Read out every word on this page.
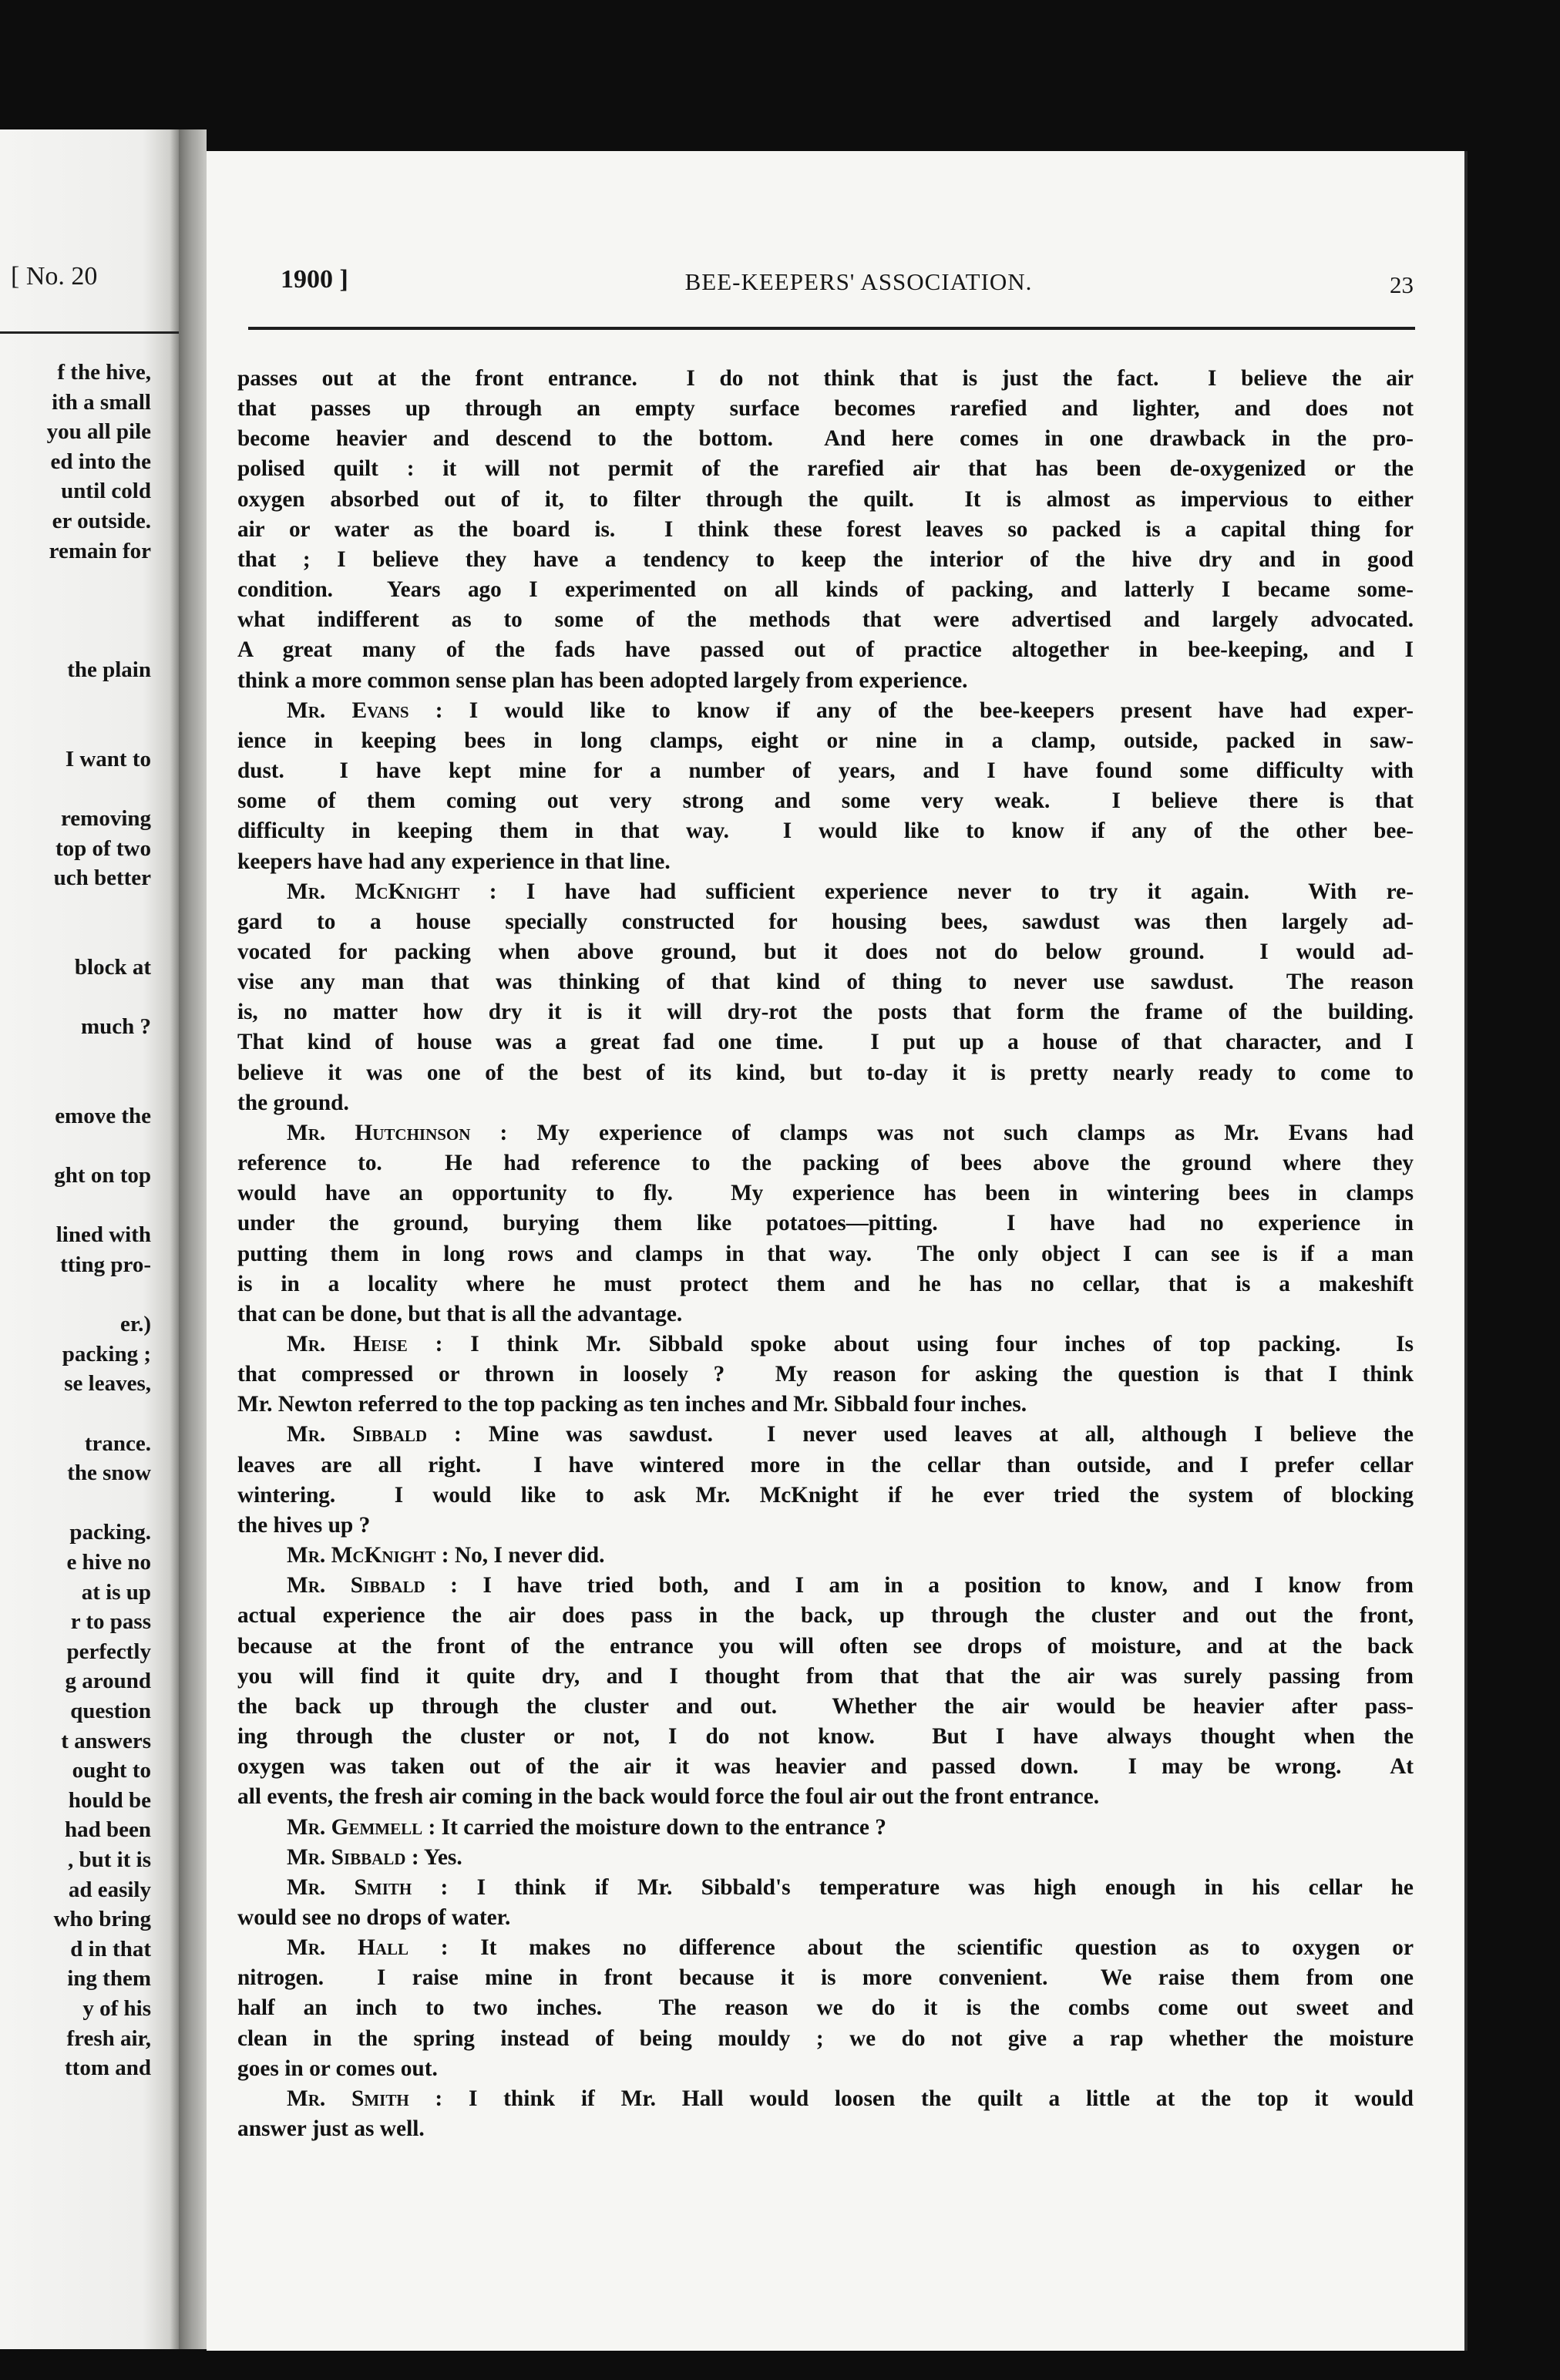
[ No. 20
f the hive,
ith a small
you all pile
ed into the
until cold
er outside.
remain for
the plain
I want to
removing
top of two
uch better
block at
much ?
emove the
ght on top
lined with
tting pro-
er.)
packing ;
se leaves,
trance.
the snow
packing.
e hive no
at is up
r to pass
perfectly
g around
question
t answers
ought to
hould be
had been
, but it is
ad easily
who bring
d in that
ing them
y of his
fresh air,
ttom and
1900 ]	BEE-KEEPERS' ASSOCIATION.	23
passes out at the front entrance.  I do not think that is just the fact.  I believe the air
that passes up through an empty surface becomes rarefied and lighter, and does not
become heavier and descend to the bottom.  And here comes in one drawback in the pro-
polised quilt : it will not permit of the rarefied air that has been de-oxygenized or the
oxygen absorbed out of it, to filter through the quilt.  It is almost as impervious to either
air or water as the board is.  I think these forest leaves so packed is a capital thing for
that ; I believe they have a tendency to keep the interior of the hive dry and in good
condition.  Years ago I experimented on all kinds of packing, and latterly I became some-
what indifferent as to some of the methods that were advertised and largely advocated.
A great many of the fads have passed out of practice altogether in bee-keeping, and I
think a more common sense plan has been adopted largely from experience.
Mr. Evans : I would like to know if any of the bee-keepers present have had exper-
ience in keeping bees in long clamps, eight or nine in a clamp, outside, packed in saw-
dust.  I have kept mine for a number of years, and I have found some difficulty with
some of them coming out very strong and some very weak.  I believe there is that
difficulty in keeping them in that way.  I would like to know if any of the other bee-
keepers have had any experience in that line.
Mr. McKnight : I have had sufficient experience never to try it again.  With re-
gard to a house specially constructed for housing bees, sawdust was then largely ad-
vocated for packing when above ground, but it does not do below ground.  I would ad-
vise any man that was thinking of that kind of thing to never use sawdust.  The reason
is, no matter how dry it is it will dry-rot the posts that form the frame of the building.
That kind of house was a great fad one time.  I put up a house of that character, and I
believe it was one of the best of its kind, but to-day it is pretty nearly ready to come to
the ground.
Mr. Hutchinson : My experience of clamps was not such clamps as Mr. Evans had
reference to.  He had reference to the packing of bees above the ground where they
would have an opportunity to fly.  My experience has been in wintering bees in clamps
under the ground, burying them like potatoes—pitting.  I have had no experience in
putting them in long rows and clamps in that way.  The only object I can see is if a man
is in a locality where he must protect them and he has no cellar, that is a makeshift
that can be done, but that is all the advantage.
Mr. Heise : I think Mr. Sibbald spoke about using four inches of top packing.  Is
that compressed or thrown in loosely ?  My reason for asking the question is that I think
Mr. Newton referred to the top packing as ten inches and Mr. Sibbald four inches.
Mr. Sibbald : Mine was sawdust.  I never used leaves at all, although I believe the
leaves are all right.  I have wintered more in the cellar than outside, and I prefer cellar
wintering.  I would like to ask Mr. McKnight if he ever tried the system of blocking
the hives up ?
Mr. McKnight : No, I never did.
Mr. Sibbald : I have tried both, and I am in a position to know, and I know from
actual experience the air does pass in the back, up through the cluster and out the front,
because at the front of the entrance you will often see drops of moisture, and at the back
you will find it quite dry, and I thought from that that the air was surely passing from
the back up through the cluster and out.  Whether the air would be heavier after pass-
ing through the cluster or not, I do not know.  But I have always thought when the
oxygen was taken out of the air it was heavier and passed down.  I may be wrong.  At
all events, the fresh air coming in the back would force the foul air out the front entrance.
Mr. Gemmell : It carried the moisture down to the entrance ?
Mr. Sibbald : Yes.
Mr. Smith : I think if Mr. Sibbald's temperature was high enough in his cellar he
would see no drops of water.
Mr. Hall : It makes no difference about the scientific question as to oxygen or
nitrogen.  I raise mine in front because it is more convenient.  We raise them from one
half an inch to two inches.  The reason we do it is the combs come out sweet and
clean in the spring instead of being mouldy ; we do not give a rap whether the moisture
goes in or comes out.
Mr. Smith : I think if Mr. Hall would loosen the quilt a little at the top it would
answer just as well.
